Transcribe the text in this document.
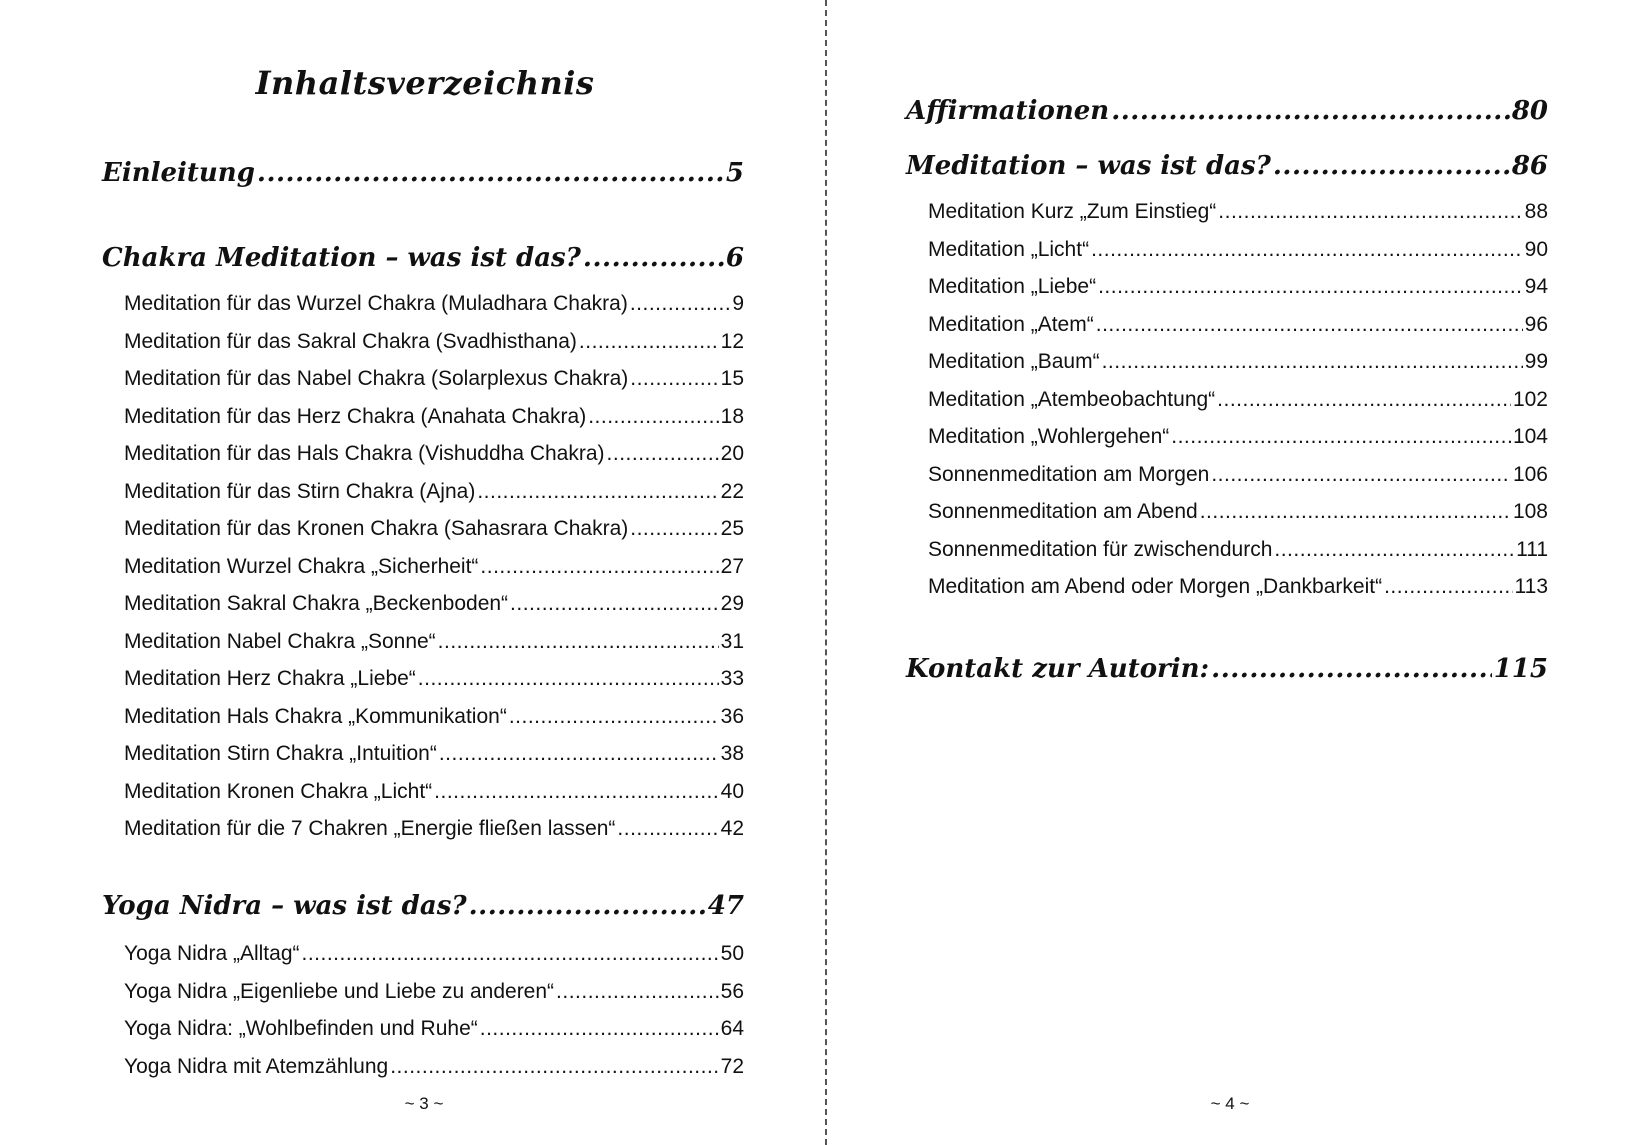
Inhaltsverzeichnis
Einleitung .....	5
Chakra Meditation – was ist das? .....	6
Meditation für das Wurzel Chakra (Muladhara Chakra) .....	9
Meditation für das Sakral Chakra (Svadhisthana) .....	12
Meditation für das Nabel Chakra (Solarplexus Chakra) .....	15
Meditation für das Herz Chakra (Anahata Chakra) .....	18
Meditation für das Hals Chakra (Vishuddha Chakra) .....	20
Meditation für das Stirn Chakra (Ajna) .....	22
Meditation für das Kronen Chakra (Sahasrara Chakra) .....	25
Meditation Wurzel Chakra „Sicherheit“ .....	27
Meditation Sakral Chakra „Beckenboden“ .....	29
Meditation Nabel Chakra „Sonne“ .....	31
Meditation Herz Chakra „Liebe“ .....	33
Meditation Hals Chakra „Kommunikation“ .....	36
Meditation Stirn Chakra „Intuition“ .....	38
Meditation Kronen Chakra „Licht“ .....	40
Meditation für die 7 Chakren „Energie fließen lassen“ .....	42
Yoga Nidra – was ist das? .....	47
Yoga Nidra „Alltag“ .....	50
Yoga Nidra „Eigenliebe und Liebe zu anderen“ .....	56
Yoga Nidra: „Wohlbefinden und Ruhe“ .....	64
Yoga Nidra mit Atemzählung .....	72
~ 3 ~
Affirmationen .....	80
Meditation – was ist das? .....	86
Meditation Kurz „Zum Einstieg“ .....	88
Meditation „Licht“ .....	90
Meditation „Liebe“ .....	94
Meditation „Atem“ .....	96
Meditation „Baum“ .....	99
Meditation „Atembeobachtung“ .....	102
Meditation „Wohlergehen“ .....	104
Sonnenmeditation am Morgen .....	106
Sonnenmeditation am Abend .....	108
Sonnenmeditation für zwischendurch .....	111
Meditation am Abend oder Morgen „Dankbarkeit“ .....	113
Kontakt zur Autorin: .....	115
~ 4 ~
